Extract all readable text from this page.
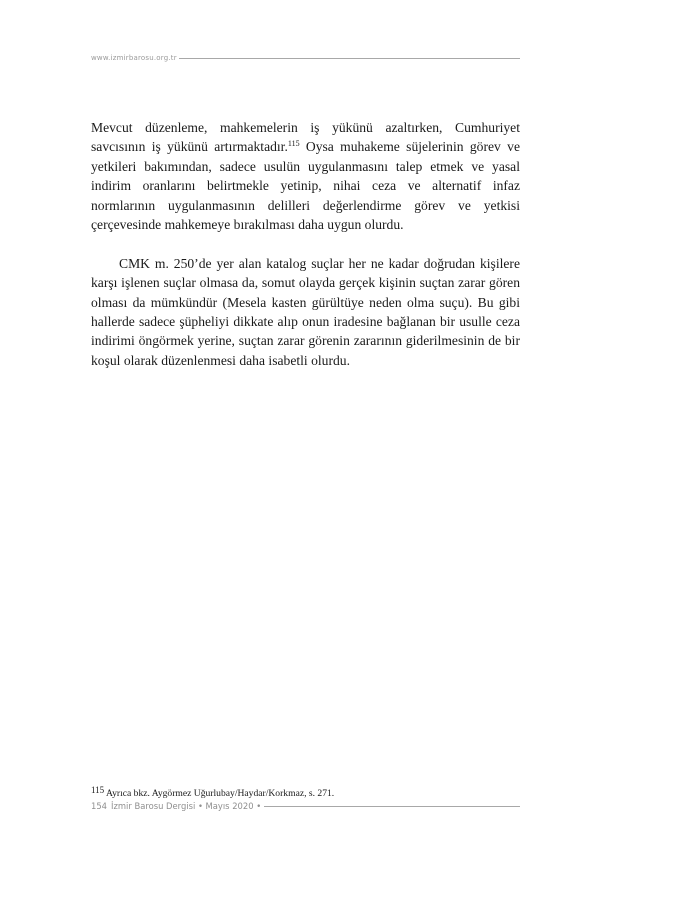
www.izmirbarosu.org.tr

Mevcut düzenleme, mahkemelerin iş yükünü azaltırken, Cumhuriyet savcısının iş yükünü artırmaktadır.$^{115}$ Oysa muhakeme süjelerinin görev ve yetkileri bakımından, sadece usulün uygulanmasını talep etmek ve yasal indirim oranlarını belirtmekle yetinip, nihai ceza ve alternatif infaz normlarının uygulanmasının delilleri değerlendirme görev ve yetkisi çerçevesinde mahkemeye bırakılması daha uygun olurdu.

CMK m. 250’de yer alan katalog suçlar her ne kadar doğrudan kişilere karşı işlenen suçlar olmasa da, somut olayda gerçek kişinin suçtan zarar gören olması da mümkündür (Mesela kasten gürültüye neden olma suçu). Bu gibi hallerde sadece şüpheliyi dikkate alıp onun iradesine bağlanan bir usulle ceza indirimi öngörmek yerine, suçtan zarar görenin zararının giderilmesinin de bir koşul olarak düzenlenmesi daha isabetli olurdu.

$^{115}$ Ayrıca bkz. Aygörmez Uğurlubay/Haydar/Korkmaz, s. 271.
154 İzmir Barosu Dergisi • Mayıs 2020 •
